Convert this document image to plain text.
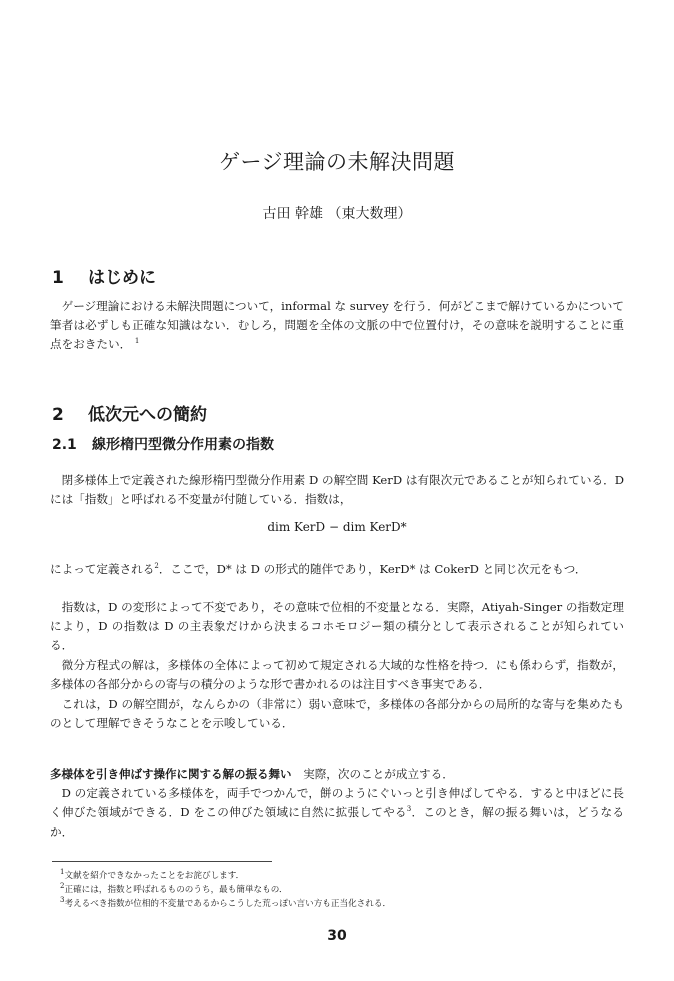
ゲージ理論の未解決問題
古田 幹雄 （東大数理）
1 はじめに
ゲージ理論における未解決問題について，informal な survey を行う．何がどこまで解けているかについて筆者は必ずしも正確な知識はない．むしろ，問題を全体の文脈の中で位置付け，その意味を説明することに重点をおきたい． $^1$
2 低次元への簡約
2.1 線形楕円型微分作用素の指数
閉多様体上で定義された線形楕円型微分作用素 D の解空間 KerD は有限次元であることが知られている．D には「指数」と呼ばれる不変量が付随している．指数は，
dim KerD − dim KerD*
によって定義される$^2$．ここで，D* は D の形式的随伴であり，KerD* は CokerD と同じ次元をもつ．
指数は，D の変形によって不変であり，その意味で位相的不変量となる．実際，Atiyah-Singer の指数定理により，D の指数は D の主表象だけから決まるコホモロジー類の積分として表示されることが知られている．
微分方程式の解は，多様体の全体によって初めて規定される大域的な性格を持つ．にも係わらず，指数が，多様体の各部分からの寄与の積分のような形で書かれるのは注目すべき事実である．
これは，D の解空間が，なんらかの（非常に）弱い意味で，多様体の各部分からの局所的な寄与を集めたものとして理解できそうなことを示唆している．
多様体を引き伸ばす操作に関する解の振る舞い　 実際，次のことが成立する．
D の定義されている多様体を，両手でつかんで，餅のようにぐいっと引き伸ばしてやる．すると中ほどに長く伸びた領域ができる．D をこの伸びた領域に自然に拡張してやる$^3$．このとき，解の振る舞いは，どうなるか．
$^1$文献を紹介できなかったことをお詫びします．
$^2$正確には，指数と呼ばれるもののうち，最も簡単なもの．
$^3$考えるべき指数が位相的不変量であるからこうした荒っぽい言い方も正当化される．
30
